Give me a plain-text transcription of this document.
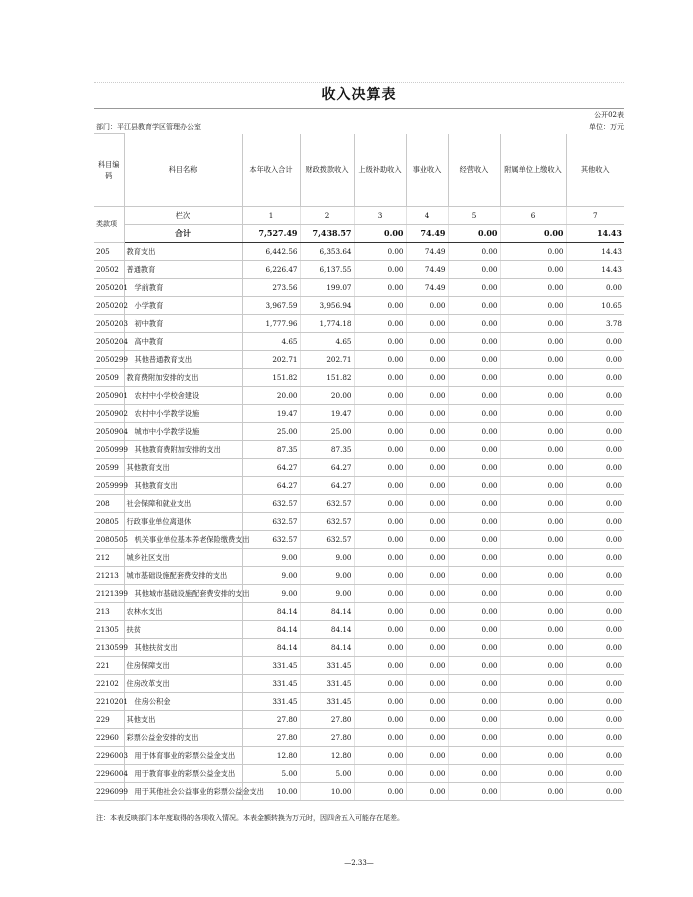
收入决算表
公开02表
部门：平江县教育学区管理办公室	单位：万元
科目编码	科目名称	本年收入合计	财政拨款收入	上级补助收入	事业收入	经营收入	附属单位上缴收入	其他收入
类款项	栏次	1	2	3	4	5	6	7
	合计	7,527.49	7,438.57	0.00	74.49	0.00	0.00	14.43
205	教育支出	6,442.56	6,353.64	0.00	74.49	0.00	0.00	14.43
20502	普通教育	6,226.47	6,137.55	0.00	74.49	0.00	0.00	14.43
2050201	学前教育	273.56	199.07	0.00	74.49	0.00	0.00	0.00
2050202	小学教育	3,967.59	3,956.94	0.00	0.00	0.00	0.00	10.65
2050203	初中教育	1,777.96	1,774.18	0.00	0.00	0.00	0.00	3.78
2050204	高中教育	4.65	4.65	0.00	0.00	0.00	0.00	0.00
2050299	其他普通教育支出	202.71	202.71	0.00	0.00	0.00	0.00	0.00
20509	教育费附加安排的支出	151.82	151.82	0.00	0.00	0.00	0.00	0.00
2050901	农村中小学校舍建设	20.00	20.00	0.00	0.00	0.00	0.00	0.00
2050902	农村中小学教学设施	19.47	19.47	0.00	0.00	0.00	0.00	0.00
2050904	城市中小学教学设施	25.00	25.00	0.00	0.00	0.00	0.00	0.00
2050999	其他教育费附加安排的支出	87.35	87.35	0.00	0.00	0.00	0.00	0.00
20599	其他教育支出	64.27	64.27	0.00	0.00	0.00	0.00	0.00
2059999	其他教育支出	64.27	64.27	0.00	0.00	0.00	0.00	0.00
208	社会保障和就业支出	632.57	632.57	0.00	0.00	0.00	0.00	0.00
20805	行政事业单位离退休	632.57	632.57	0.00	0.00	0.00	0.00	0.00
2080505	机关事业单位基本养老保险缴费支出	632.57	632.57	0.00	0.00	0.00	0.00	0.00
212	城乡社区支出	9.00	9.00	0.00	0.00	0.00	0.00	0.00
21213	城市基础设施配套费安排的支出	9.00	9.00	0.00	0.00	0.00	0.00	0.00
2121399	其他城市基础设施配套费安排的支出	9.00	9.00	0.00	0.00	0.00	0.00	0.00
213	农林水支出	84.14	84.14	0.00	0.00	0.00	0.00	0.00
21305	扶贫	84.14	84.14	0.00	0.00	0.00	0.00	0.00
2130599	其他扶贫支出	84.14	84.14	0.00	0.00	0.00	0.00	0.00
221	住房保障支出	331.45	331.45	0.00	0.00	0.00	0.00	0.00
22102	住房改革支出	331.45	331.45	0.00	0.00	0.00	0.00	0.00
2210201	住房公积金	331.45	331.45	0.00	0.00	0.00	0.00	0.00
229	其他支出	27.80	27.80	0.00	0.00	0.00	0.00	0.00
22960	彩票公益金安排的支出	27.80	27.80	0.00	0.00	0.00	0.00	0.00
2296003	用于体育事业的彩票公益金支出	12.80	12.80	0.00	0.00	0.00	0.00	0.00
2296004	用于教育事业的彩票公益金支出	5.00	5.00	0.00	0.00	0.00	0.00	0.00
2296099	用于其他社会公益事业的彩票公益金支出	10.00	10.00	0.00	0.00	0.00	0.00	0.00
注：本表反映部门本年度取得的各项收入情况。本表金额转换为万元时，因四舍五入可能存在尾差。
—2.33—
